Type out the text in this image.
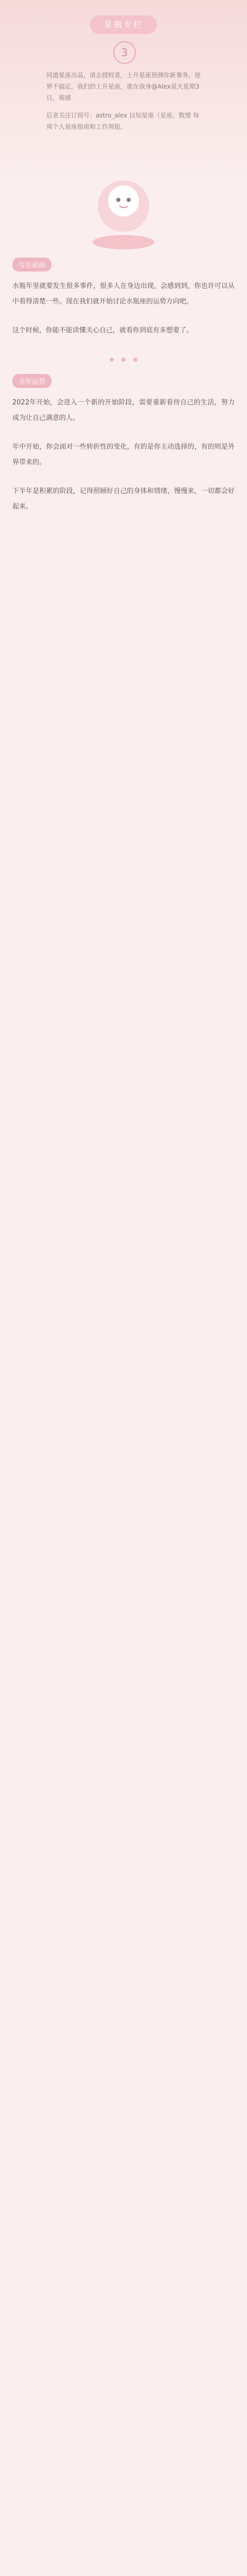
星瓶专栏
3

同道星座出品，请去授权者，上升星座预测你新事务、逆界不搞定，我们的上升星座，谁在我身@Alex星天星期3日，观感

后者关注订阅号：astro_alex 以知星座（星座、数理 每周个人星座指南和工作周报。

写在前面

水瓶年里就要发生很多事件，很多人在身边出现，会感到到，你也许可以从中看得清楚一些。现在我们就开始讨论水瓶座的运势方向吧。

这个时候，你能不能读懂关心自己，就看你到底有多想要了。

全年运势

2022年开始，会进入一个新的开始阶段，需要重新看待自己的生活，努力成为让自己满意的人。

年中开始，你会面对一些转折性的变化，有的是你主动选择的，有的则是外界带来的。

下半年是积累的阶段，记得照顾好自己的身体和情绪，慢慢来，一切都会好起来。
